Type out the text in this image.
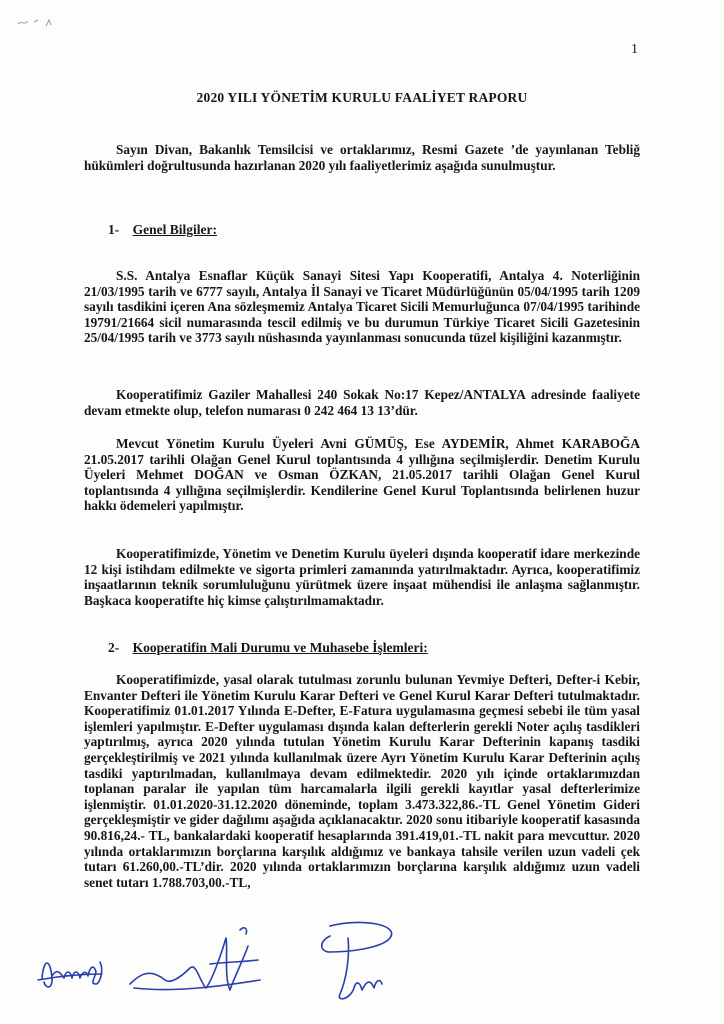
1
2020 YILI YÖNETİM KURULU FAALİYET RAPORU
Sayın Divan, Bakanlık Temsilcisi ve ortaklarımız, Resmi Gazete ’de yayınlanan Tebliğ hükümleri doğrultusunda hazırlanan 2020 yılı faaliyetlerimiz aşağıda sunulmuştur.
1- Genel Bilgiler:
S.S. Antalya Esnaflar Küçük Sanayi Sitesi Yapı Kooperatifi, Antalya 4. Noterliğinin 21/03/1995 tarih ve 6777 sayılı, Antalya İl Sanayi ve Ticaret Müdürlüğünün 05/04/1995 tarih 1209 sayılı tasdikini içeren Ana sözleşmemiz Antalya Ticaret Sicili Memurluğunca 07/04/1995 tarihinde 19791/21664 sicil numarasında tescil edilmiş ve bu durumun Türkiye Ticaret Sicili Gazetesinin 25/04/1995 tarih ve 3773 sayılı nüshasında yayınlanması sonucunda tüzel kişiliğini kazanmıştır.
Kooperatifimiz Gaziler Mahallesi 240 Sokak No:17 Kepez/ANTALYA adresinde faaliyete devam etmekte olup, telefon numarası 0 242 464 13 13’dür.
Mevcut Yönetim Kurulu Üyeleri Avni GÜMÜŞ, Ese AYDEMİR, Ahmet KARABOĞA 21.05.2017 tarihli Olağan Genel Kurul toplantısında 4 yıllığına seçilmişlerdir. Denetim Kurulu Üyeleri Mehmet DOĞAN ve Osman ÖZKAN, 21.05.2017 tarihli Olağan Genel Kurul toplantısında 4 yıllığına seçilmişlerdir. Kendilerine Genel Kurul Toplantısında belirlenen huzur hakkı ödemeleri yapılmıştır.
Kooperatifimizde, Yönetim ve Denetim Kurulu üyeleri dışında kooperatif idare merkezinde 12 kişi istihdam edilmekte ve sigorta primleri zamanında yatırılmaktadır. Ayrıca, kooperatifimiz inşaatlarının teknik sorumluluğunu yürütmek üzere inşaat mühendisi ile anlaşma sağlanmıştır. Başkaca kooperatifte hiç kimse çalıştırılmamaktadır.
2- Kooperatifin Mali Durumu ve Muhasebe İşlemleri:
Kooperatifimizde, yasal olarak tutulması zorunlu bulunan Yevmiye Defteri, Defter-i Kebir, Envanter Defteri ile Yönetim Kurulu Karar Defteri ve Genel Kurul Karar Defteri tutulmaktadır. Kooperatifimiz 01.01.2017 Yılında E-Defter, E-Fatura uygulamasına geçmesi sebebi ile tüm yasal işlemleri yapılmıştır. E-Defter uygulaması dışında kalan defterlerin gerekli Noter açılış tasdikleri yaptırılmış, ayrıca 2020 yılında tutulan Yönetim Kurulu Karar Defterinin kapanış tasdiki gerçekleştirilmiş ve 2021 yılında kullanılmak üzere Ayrı Yönetim Kurulu Karar Defterinin açılış tasdiki yaptırılmadan, kullanılmaya devam edilmektedir. 2020 yılı içinde ortaklarımızdan toplanan paralar ile yapılan tüm harcamalarla ilgili gerekli kayıtlar yasal defterlerimize işlenmiştir. 01.01.2020-31.12.2020 döneminde, toplam 3.473.322,86.-TL Genel Yönetim Gideri gerçekleşmiştir ve gider dağılımı aşağıda açıklanacaktır. 2020 sonu itibariyle kooperatif kasasında 90.816,24.- TL, bankalardaki kooperatif hesaplarında 391.419,01.-TL nakit para mevcuttur. 2020 yılında ortaklarımızın borçlarına karşılık aldığımız ve bankaya tahsile verilen uzun vadeli çek tutarı 61.260,00.-TL’dir. 2020 yılında ortaklarımızın borçlarına karşılık aldığımız uzun vadeli senet tutarı 1.788.703,00.-TL,
